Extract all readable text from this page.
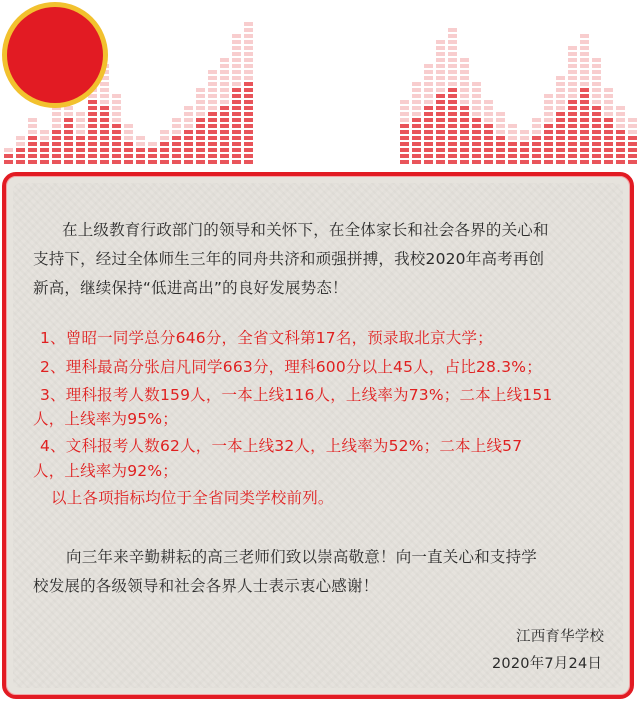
喜 报
在上级教育行政部门的领导和关怀下，在全体家长和社会各界的关心和
支持下，经过全体师生三年的同舟共济和顽强拼搏，我校2020年高考再创
新高，继续保持“低进高出”的良好发展势态！
1、曾昭一同学总分646分，全省文科第17名，预录取北京大学；
2、理科最高分张启凡同学663分，理科600分以上45人，占比28.3%；
3、理科报考人数159人，一本上线116人，上线率为73%；二本上线151
人，上线率为95%；
4、文科报考人数62人，一本上线32人，上线率为52%；二本上线57
人，上线率为92%；
以上各项指标均位于全省同类学校前列。
向三年来辛勤耕耘的高三老师们致以崇高敬意！向一直关心和支持学
校发展的各级领导和社会各界人士表示衷心感谢！
江西育华学校
2020年7月24日
